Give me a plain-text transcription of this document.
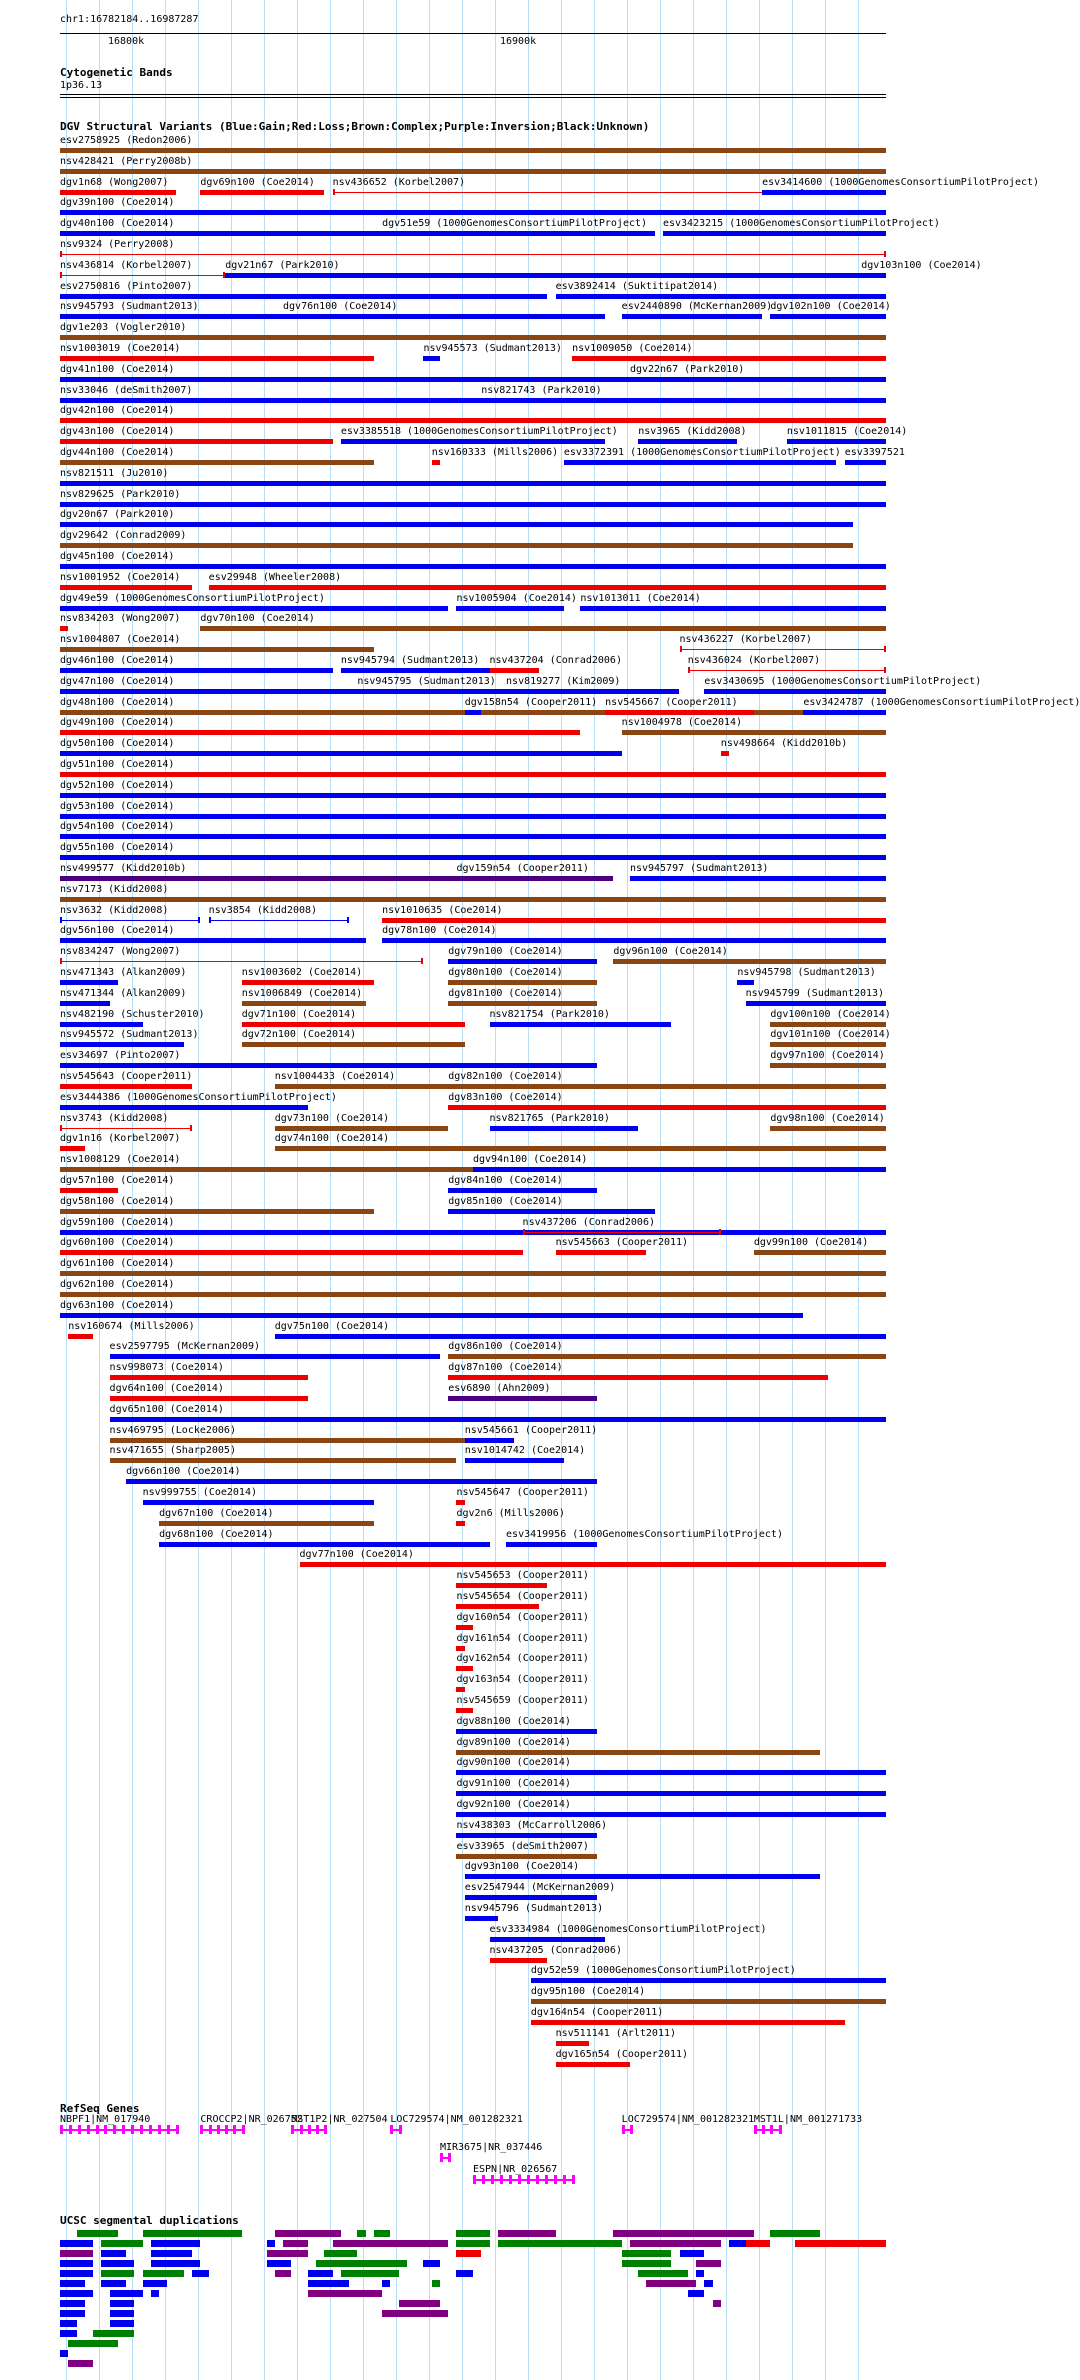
chr1:16782184..16987287
16800k	16900k
Cytogenetic Bands
1p36.13
DGV Structural Variants (Blue:Gain;Red:Loss;Brown:Complex;Purple:Inversion;Black:Unknown)
RefSeq Genes
UCSC segmental duplications
esv2758925 (Redon2006)
nsv428421 (Perry2008b)
dgv1n68 (Wong2007)	dgv69n100 (Coe2014) nsv436652 (Korbel2007)	esv3414600 (1000GenomesConsortiumPilotProject)
dgv39n100 (Coe2014)
dgv40n100 (Coe2014)	dgv51e59 (1000GenomesConsortiumPilotProject) esv3423215 (1000GenomesConsortiumPilotProject)
nsv9324 (Perry2008)
nsv436814 (Korbel2007)	dgv21n67 (Park2010)	dgv103n100 (Coe2014)
esv2750816 (Pinto2007)	esv3892414 (Suktitipat2014)
nsv945793 (Sudmant2013)	dgv76n100 (Coe2014)	esv2440890 (McKernan2009)
dgv102n100 (Coe2014)
dgv1e203 (Vogler2010)
nsv1003019 (Coe2014)	nsv945573 (Sudmant2013) nsv1009050 (Coe2014)
dgv41n100 (Coe2014)	dgv22n67 (Park2010)
nsv33046 (deSmith2007)	nsv821743 (Park2010)
dgv42n100 (Coe2014)
dgv43n100 (Coe2014)	esv3385518 (1000GenomesConsortiumPilotProject) nsv3965 (Kidd2008)	nsv1011815 (Coe2014)
dgv44n100 (Coe2014)	nsv160333 (Mills2006) esv3372391 (1000GenomesConsortiumPilotProject) esv3397521
nsv821511 (Ju2010)
nsv829625 (Park2010)
dgv20n67 (Park2010)
dgv29642 (Conrad2009)
dgv45n100 (Coe2014)
nsv1001952 (Coe2014)	esv29948 (Wheeler2008)
dgv49e59 (1000GenomesConsortiumPilotProject)	nsv1005904 (Coe2014) nsv1013011 (Coe2014)
nsv834203 (Wong2007) dgv70n100 (Coe2014)
nsv1004807 (Coe2014)	nsv436227 (Korbel2007)
dgv46n100 (Coe2014)	nsv945794 (Sudmant2013) nsv437204 (Conrad2006)	nsv436024 (Korbel2007)
dgv47n100 (Coe2014)	nsv945795 (Sudmant2013) nsv819277 (Kim2009)	esv3430695 (1000GenomesConsortiumPilotProject)
dgv48n100 (Coe2014)	dgv158n54 (Cooper2011) nsv545667 (Cooper2011)	esv3424787 (1000GenomesConsortiumPilotProject)
dgv49n100 (Coe2014)	nsv1004978 (Coe2014)
dgv50n100 (Coe2014)	nsv498664 (Kidd2010b)
dgv51n100 (Coe2014)
dgv52n100 (Coe2014)
dgv53n100 (Coe2014)
dgv54n100 (Coe2014)
dgv55n100 (Coe2014)
nsv499577 (Kidd2010b)	dgv159n54 (Cooper2011)	nsv945797 (Sudmant2013)
nsv7173 (Kidd2008)
nsv3632 (Kidd2008)	nsv3854 (Kidd2008)	nsv1010635 (Coe2014)
dgv56n100 (Coe2014)	dgv78n100 (Coe2014)
nsv834247 (Wong2007)	dgv79n100 (Coe2014)	dgv96n100 (Coe2014)
nsv471343 (Alkan2009)	nsv1003602 (Coe2014)	dgv80n100 (Coe2014)	nsv945798 (Sudmant2013)
nsv471344 (Alkan2009)	nsv1006849 (Coe2014)	dgv81n100 (Coe2014)	nsv945799 (Sudmant2013)
nsv482190 (Schuster2010)	dgv71n100 (Coe2014)	nsv821754 (Park2010)	dgv100n100 (Coe2014)
nsv945572 (Sudmant2013)	dgv72n100 (Coe2014)	dgv101n100 (Coe2014)
esv34697 (Pinto2007)	dgv97n100 (Coe2014)
nsv545643 (Cooper2011)	nsv1004433 (Coe2014)	dgv82n100 (Coe2014)
esv3444386 (1000GenomesConsortiumPilotProject)	dgv83n100 (Coe2014)
nsv3743 (Kidd2008)	dgv73n100 (Coe2014)	nsv821765 (Park2010)	dgv98n100 (Coe2014)
dgv1n16 (Korbel2007)	dgv74n100 (Coe2014)
nsv1008129 (Coe2014)	dgv94n100 (Coe2014)
dgv57n100 (Coe2014)	dgv84n100 (Coe2014)
dgv58n100 (Coe2014)	dgv85n100 (Coe2014)
dgv59n100 (Coe2014)	nsv437206 (Conrad2006)
dgv60n100 (Coe2014)	nsv545663 (Cooper2011)	dgv99n100 (Coe2014)
dgv61n100 (Coe2014)
dgv62n100 (Coe2014)
dgv63n100 (Coe2014)
nsv160674 (Mills2006)	dgv75n100 (Coe2014)
esv2597795 (McKernan2009)	dgv86n100 (Coe2014)
nsv998073 (Coe2014)	dgv87n100 (Coe2014)
dgv64n100 (Coe2014)	esv6890 (Ahn2009)
dgv65n100 (Coe2014)
nsv469795 (Locke2006)	nsv545661 (Cooper2011)
nsv471655 (Sharp2005)	nsv1014742 (Coe2014)
dgv66n100 (Coe2014)
nsv999755 (Coe2014)	nsv545647 (Cooper2011)
dgv67n100 (Coe2014)	dgv2n6 (Mills2006)
dgv68n100 (Coe2014)	esv3419956 (1000GenomesConsortiumPilotProject)
dgv77n100 (Coe2014)
nsv545653 (Cooper2011)
nsv545654 (Cooper2011)
dgv160n54 (Cooper2011)
dgv161n54 (Cooper2011)
dgv162n54 (Cooper2011)
dgv163n54 (Cooper2011)
nsv545659 (Cooper2011)
dgv88n100 (Coe2014)
dgv89n100 (Coe2014)
dgv90n100 (Coe2014)
dgv91n100 (Coe2014)
dgv92n100 (Coe2014)
nsv438303 (McCarroll2006)
esv33965 (deSmith2007)
dgv93n100 (Coe2014)
esv2547944 (McKernan2009)
nsv945796 (Sudmant2013)
esv3334984 (1000GenomesConsortiumPilotProject)
nsv437205 (Conrad2006)
dgv52e59 (1000GenomesConsortiumPilotProject)
dgv95n100 (Coe2014)
dgv164n54 (Cooper2011)
nsv511141 (Arlt2011)
dgv165n54 (Cooper2011)
NBPF1|NM_017940	CROCCP2|NR_026752
MST1P2|NR_027504 LOC729574|NM_001282321	LOC729574|NM_001282321 MST1L|NM_001271733
MIR3675|NR_037446
ESPN|NR_026567
